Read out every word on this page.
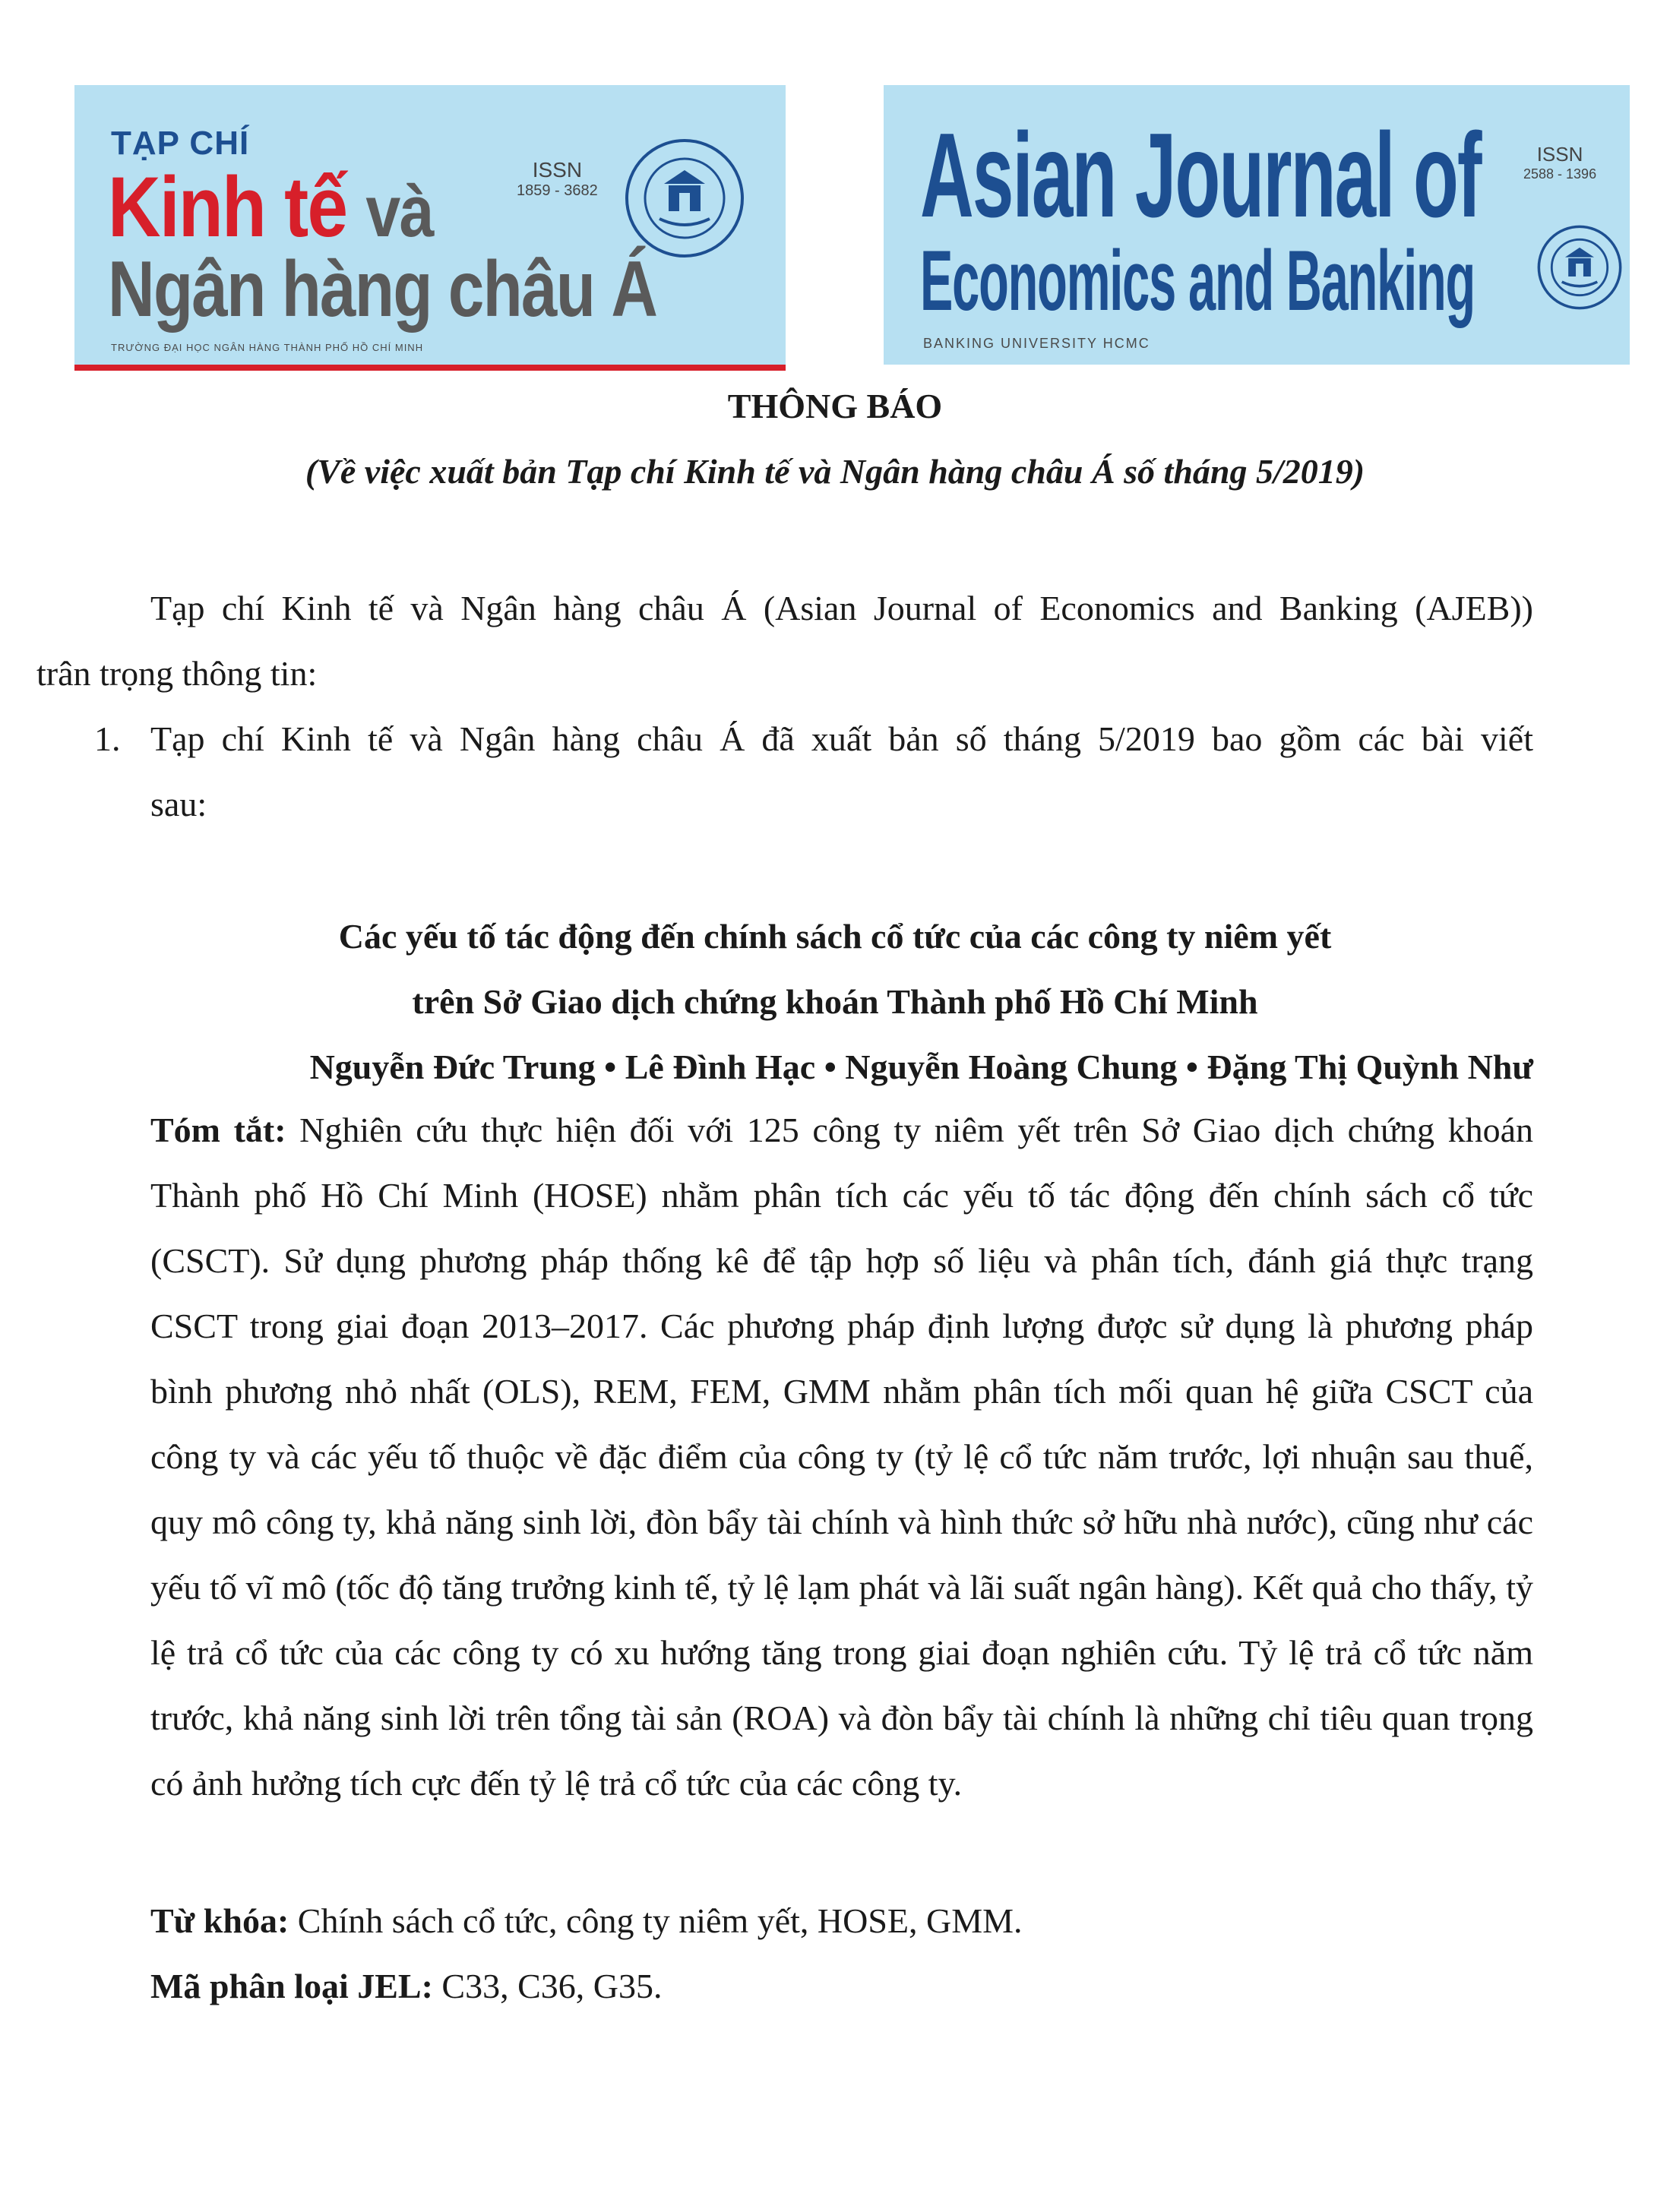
TẠP CHÍ
Kinh tế và
Ngân hàng châu Á
ISSN
1859 - 3682
TRƯỜNG ĐẠI HỌC NGÂN HÀNG THÀNH PHỐ HỒ CHÍ MINH
Asian Journal of
Economics and Banking
ISSN
2588 - 1396
BANKING UNIVERSITY HCMC
THÔNG BÁO
(Về việc xuất bản Tạp chí Kinh tế và Ngân hàng châu Á số tháng 5/2019)
Tạp chí Kinh tế và Ngân hàng châu Á (Asian Journal of Economics and Banking (AJEB))
trân trọng thông tin:
1. Tạp chí Kinh tế và Ngân hàng châu Á đã xuất bản số tháng 5/2019 bao gồm các bài viết
sau:
Các yếu tố tác động đến chính sách cổ tức của các công ty niêm yết
trên Sở Giao dịch chứng khoán Thành phố Hồ Chí Minh
Nguyễn Đức Trung • Lê Đình Hạc • Nguyễn Hoàng Chung • Đặng Thị Quỳnh Như
Tóm tắt: Nghiên cứu thực hiện đối với 125 công ty niêm yết trên Sở Giao dịch chứng khoán Thành phố Hồ Chí Minh (HOSE) nhằm phân tích các yếu tố tác động đến chính sách cổ tức (CSCT). Sử dụng phương pháp thống kê để tập hợp số liệu và phân tích, đánh giá thực trạng CSCT trong giai đoạn 2013–2017. Các phương pháp định lượng được sử dụng là phương pháp bình phương nhỏ nhất (OLS), REM, FEM, GMM nhằm phân tích mối quan hệ giữa CSCT của công ty và các yếu tố thuộc về đặc điểm của công ty (tỷ lệ cổ tức năm trước, lợi nhuận sau thuế, quy mô công ty, khả năng sinh lời, đòn bẩy tài chính và hình thức sở hữu nhà nước), cũng như các yếu tố vĩ mô (tốc độ tăng trưởng kinh tế, tỷ lệ lạm phát và lãi suất ngân hàng). Kết quả cho thấy, tỷ lệ trả cổ tức của các công ty có xu hướng tăng trong giai đoạn nghiên cứu. Tỷ lệ trả cổ tức năm trước, khả năng sinh lời trên tổng tài sản (ROA) và đòn bẩy tài chính là những chỉ tiêu quan trọng có ảnh hưởng tích cực đến tỷ lệ trả cổ tức của các công ty.
Từ khóa: Chính sách cổ tức, công ty niêm yết, HOSE, GMM.
Mã phân loại JEL: C33, C36, G35.
